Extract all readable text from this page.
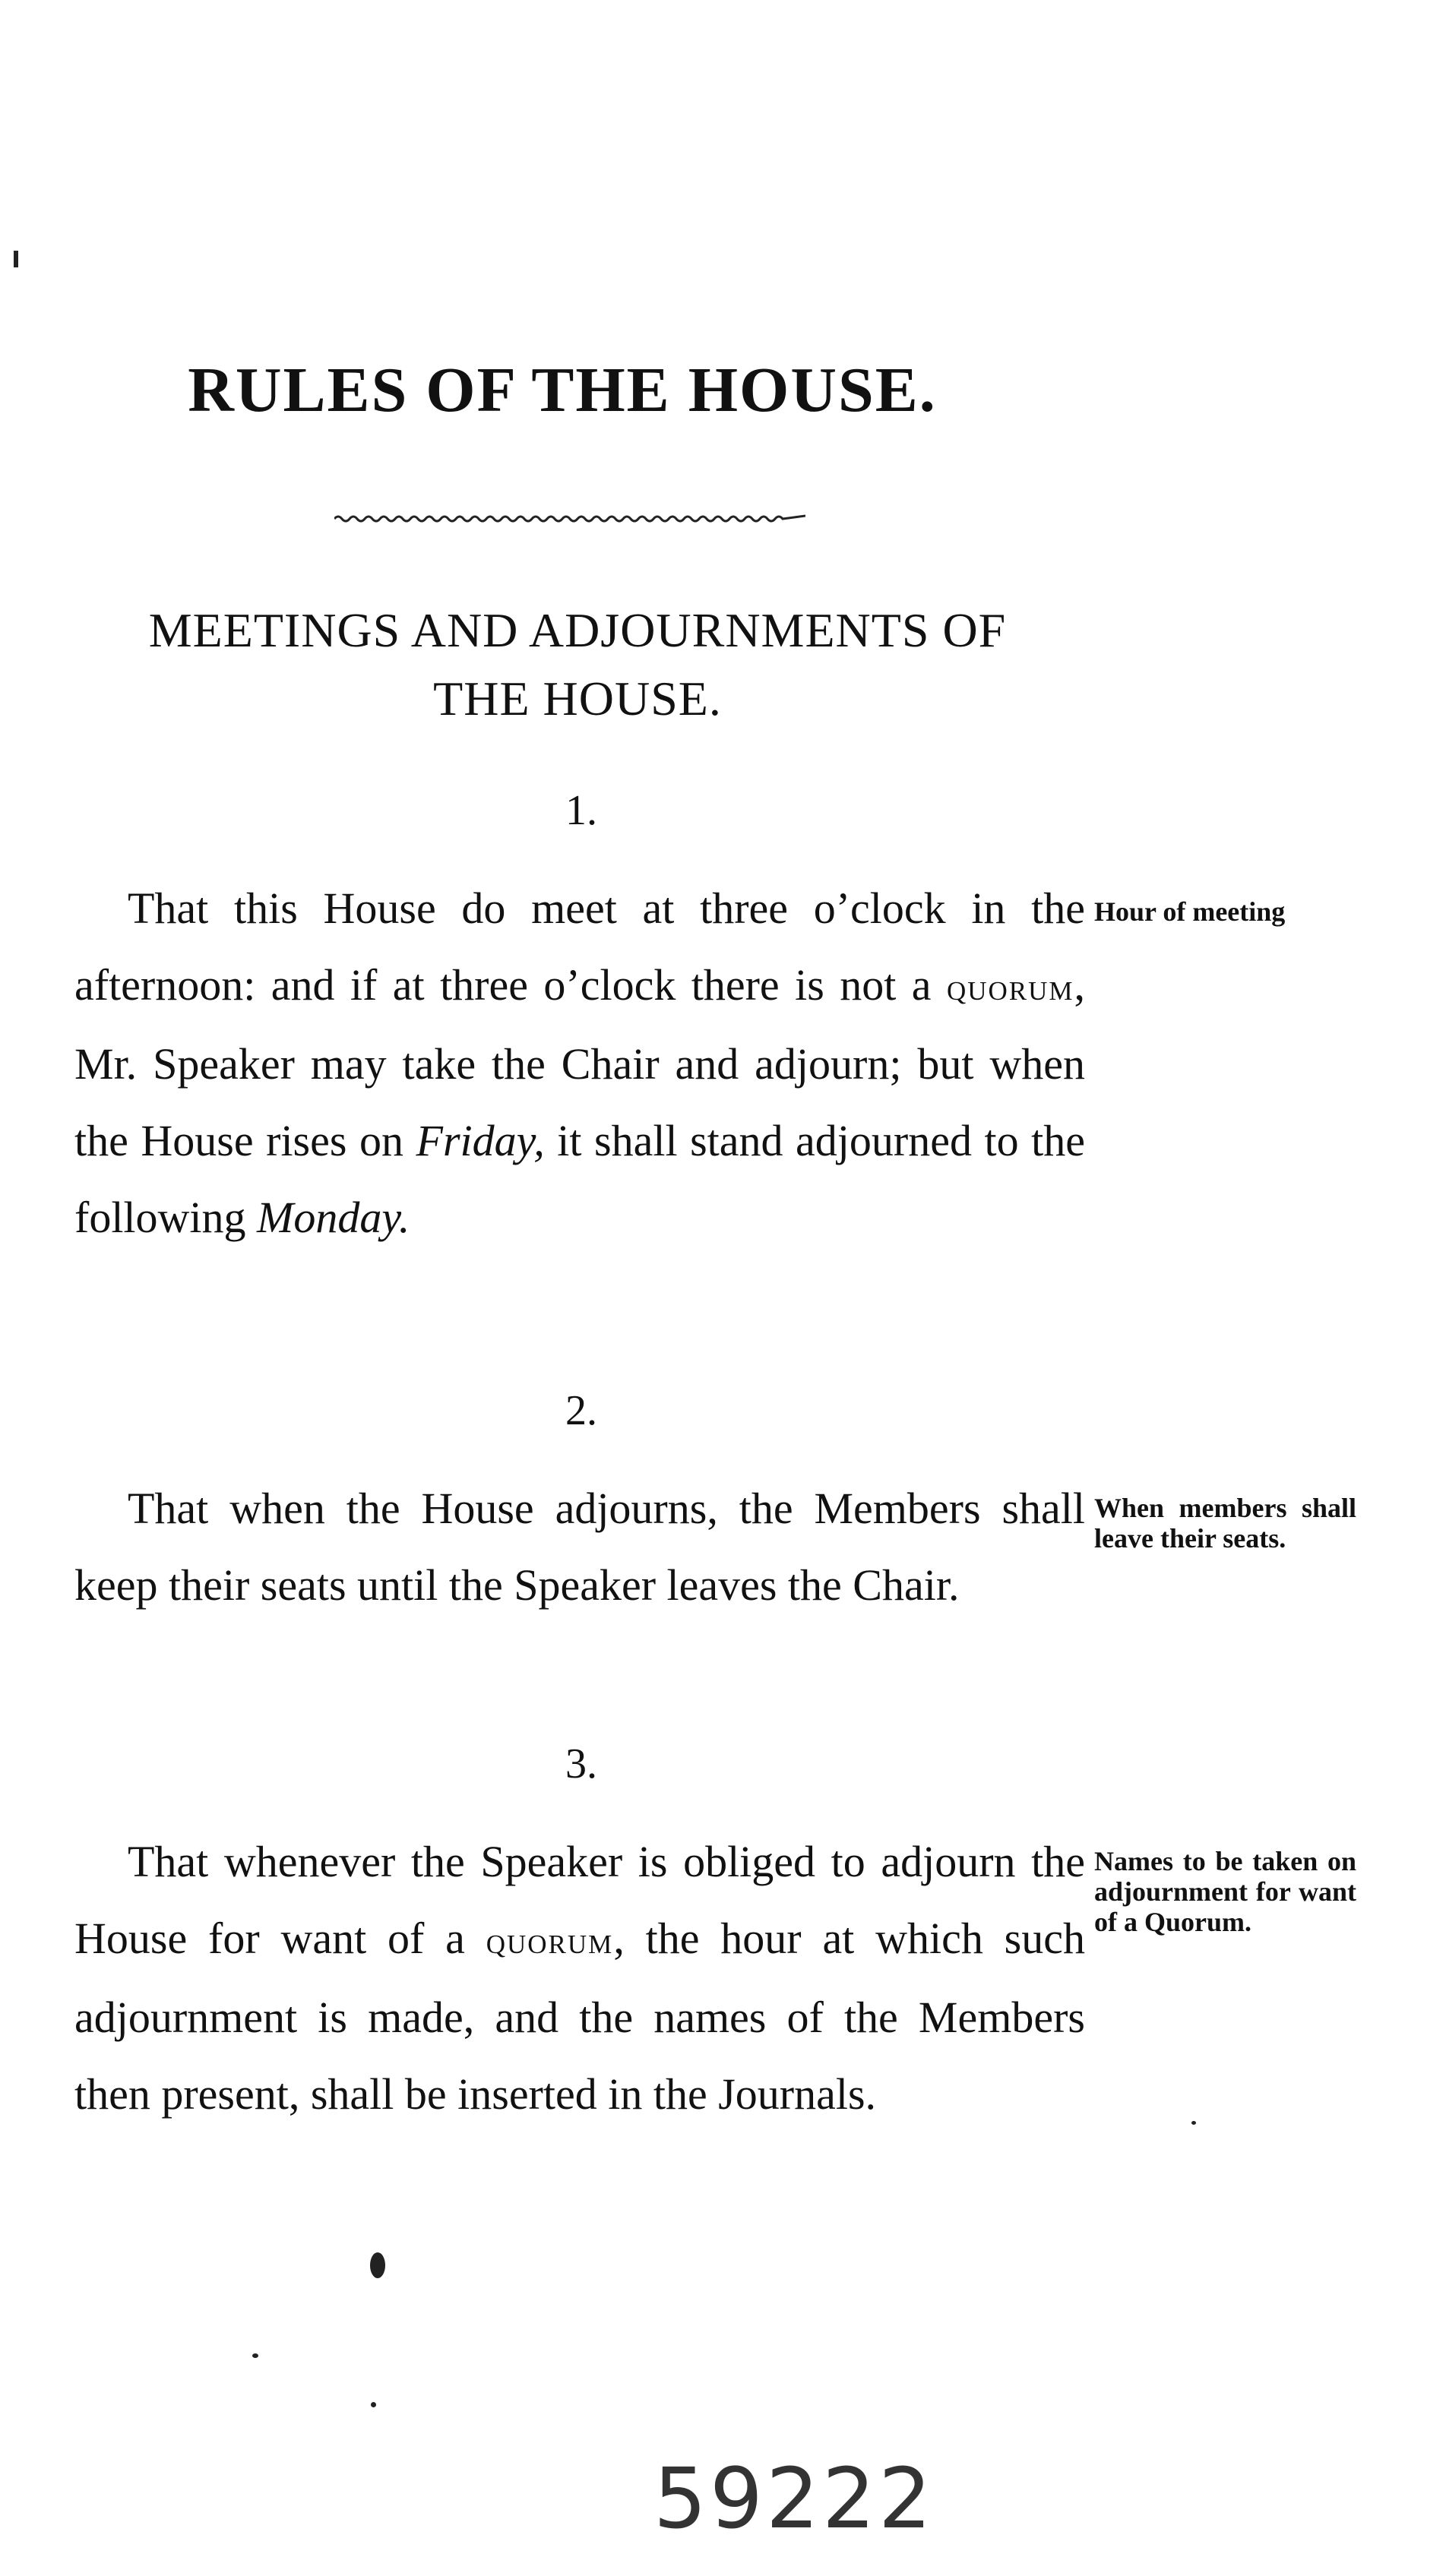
RULES OF THE HOUSE.
MEETINGS AND ADJOURNMENTS OF
THE HOUSE.
1.
That this House do meet at three o’clock in the afternoon: and if at three o’clock there is not a quorum, Mr. Speaker may take the Chair and adjourn; but when the House rises on Friday, it shall stand adjourned to the following Monday.
Hour of meeting
2.
That when the House adjourns, the Members shall keep their seats until the Speaker leaves the Chair.
When members shall leave their seats.
3.
That whenever the Speaker is obliged to adjourn the House for want of a quorum, the hour at which such adjournment is made, and the names of the Members then present, shall be inserted in the Journals.
Names to be taken on adjournment for want of a Quorum.
59222
